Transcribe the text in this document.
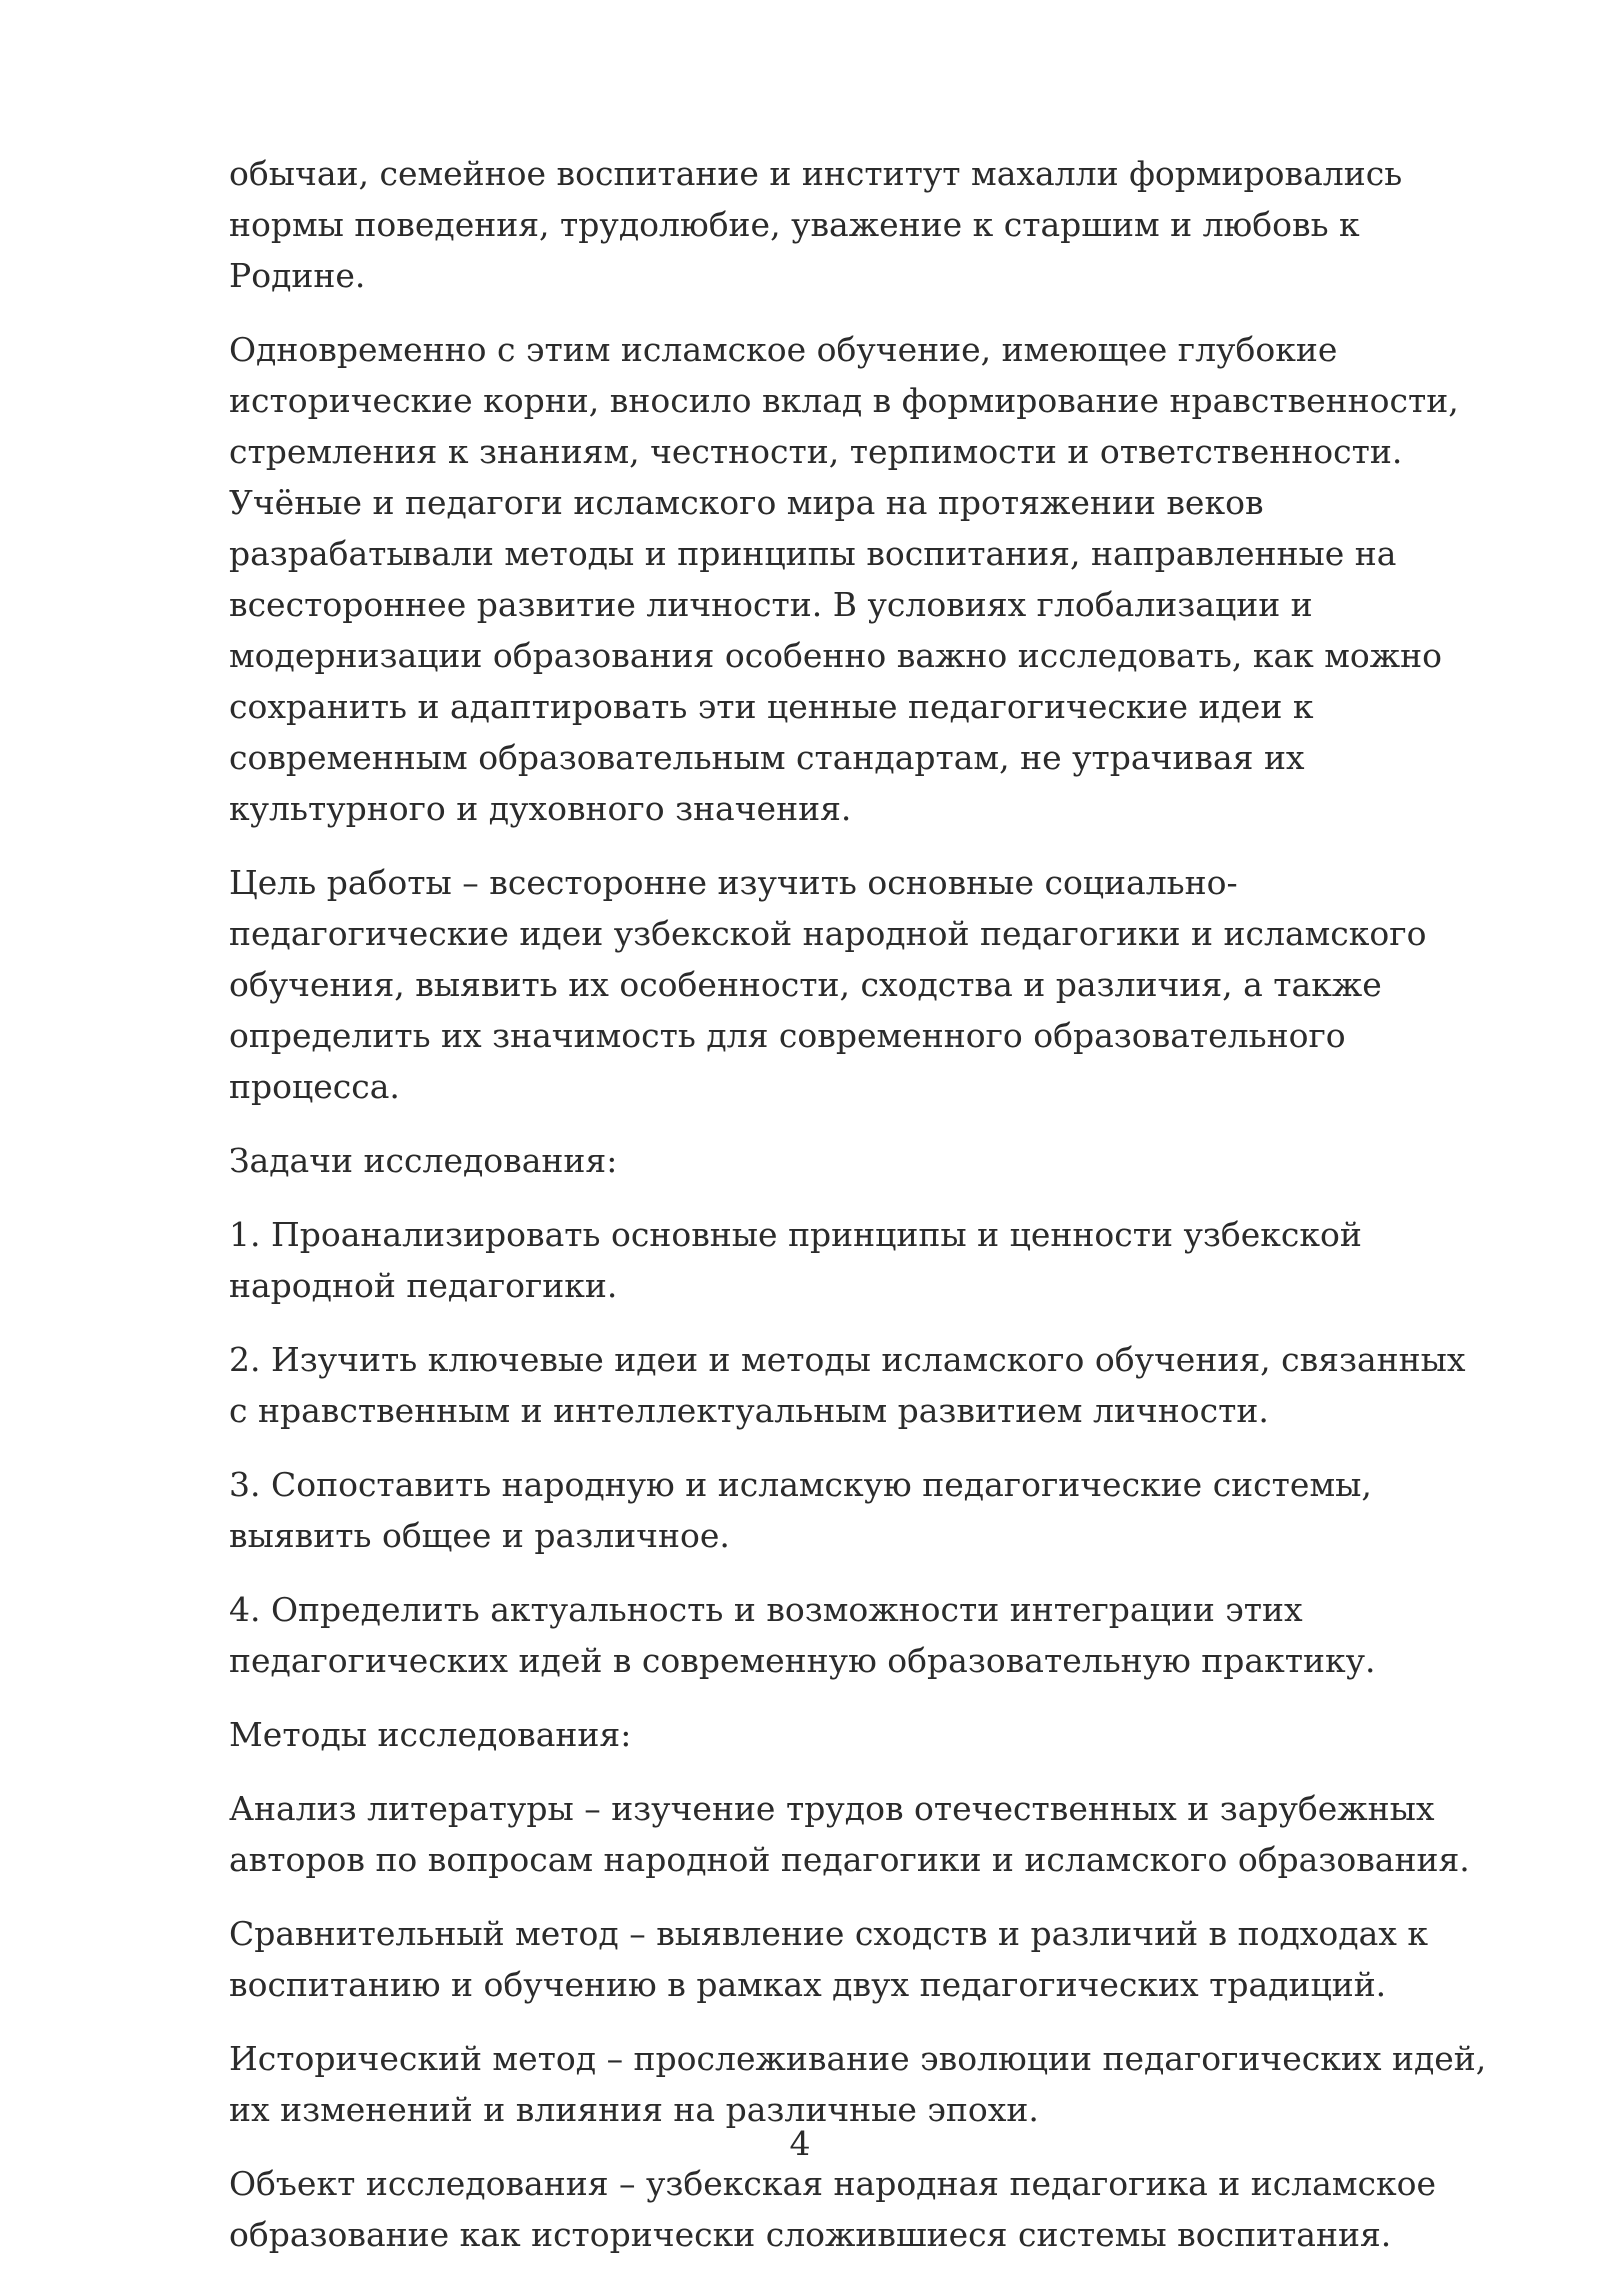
обычаи, семейное воспитание и институт махалли формировались нормы поведения, трудолюбие, уважение к старшим и любовь к Родине.

Одновременно с этим исламское обучение, имеющее глубокие исторические корни, вносило вклад в формирование нравственности, стремления к знаниям, честности, терпимости и ответственности. Учёные и педагоги исламского мира на протяжении веков разрабатывали методы и принципы воспитания, направленные на всестороннее развитие личности. В условиях глобализации и модернизации образования особенно важно исследовать, как можно сохранить и адаптировать эти ценные педагогические идеи к современным образовательным стандартам, не утрачивая их культурного и духовного значения.

Цель работы – всесторонне изучить основные социально-педагогические идеи узбекской народной педагогики и исламского обучения, выявить их особенности, сходства и различия, а также определить их значимость для современного образовательного процесса.

Задачи исследования:

1. Проанализировать основные принципы и ценности узбекской народной педагогики.

2. Изучить ключевые идеи и методы исламского обучения, связанных с нравственным и интеллектуальным развитием личности.

3. Сопоставить народную и исламскую педагогические системы, выявить общее и различное.

4. Определить актуальность и возможности интеграции этих педагогических идей в современную образовательную практику.

Методы исследования:

Анализ литературы – изучение трудов отечественных и зарубежных авторов по вопросам народной педагогики и исламского образования.

Сравнительный метод – выявление сходств и различий в подходах к воспитанию и обучению в рамках двух педагогических традиций.

Исторический метод – прослеживание эволюции педагогических идей, их изменений и влияния на различные эпохи.

Объект исследования – узбекская народная педагогика и исламское образование как исторически сложившиеся системы воспитания.

4
